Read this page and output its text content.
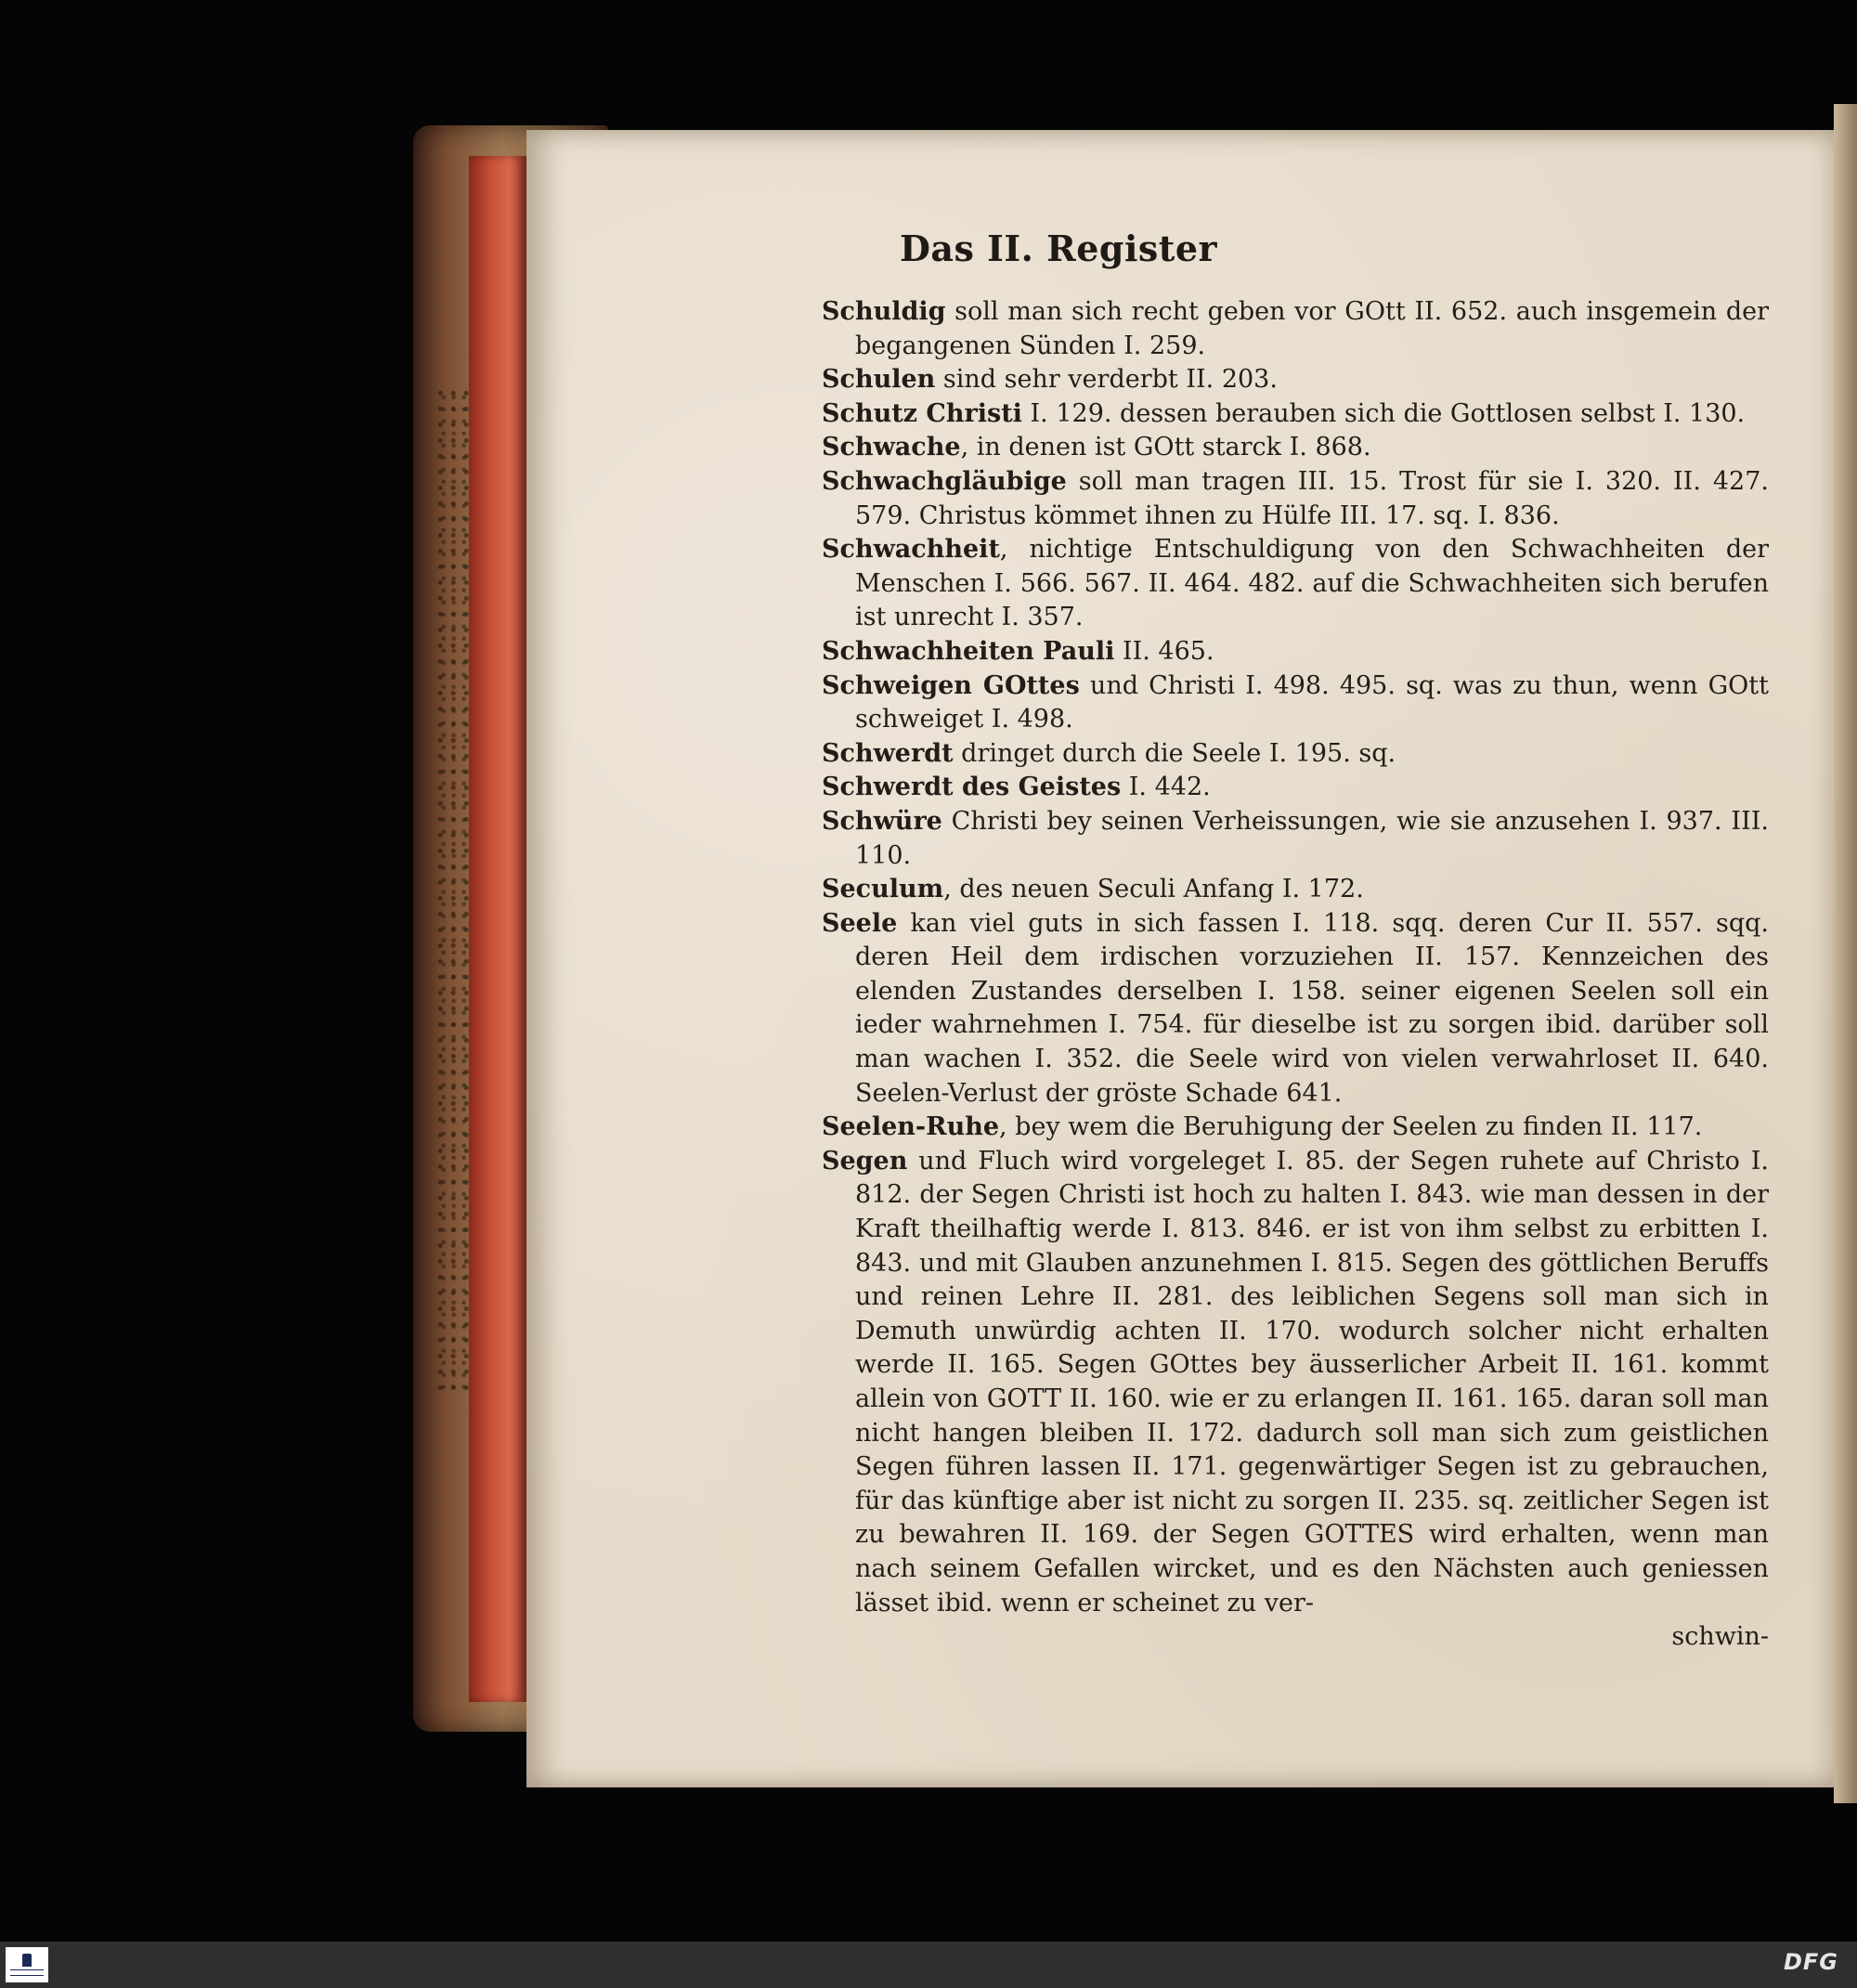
Das II. Register

Schuldig soll man sich recht geben vor GOtt II. 652. auch insgemein der begangenen Sünden I. 259.

Schulen sind sehr verderbt II. 203.

Schutz Christi I. 129. dessen berauben sich die Gottlosen selbst I. 130.

Schwache, in denen ist GOtt starck I. 868.

Schwachgläubige soll man tragen III. 15. Trost für sie I. 320. II. 427. 579. Christus kömmet ihnen zu Hülfe III. 17. sq. I. 836.

Schwachheit, nichtige Entschuldigung von den Schwachheiten der Menschen I. 566. 567. II. 464. 482. auf die Schwachheiten sich berufen ist unrecht I. 357.

Schwachheiten Pauli II. 465.

Schweigen GOttes und Christi I. 498. 495. sq. was zu thun, wenn GOtt schweiget I. 498.

Schwerdt dringet durch die Seele I. 195. sq.

Schwerdt des Geistes I. 442.

Schwüre Christi bey seinen Verheissungen, wie sie anzusehen I. 937. III. 110.

Seculum, des neuen Seculi Anfang I. 172.

Seele kan viel guts in sich fassen I. 118. sqq. deren Cur II. 557. sqq. deren Heil dem irdischen vorzuziehen II. 157. Kennzeichen des elenden Zustandes derselben I. 158. seiner eigenen Seelen soll ein ieder wahrnehmen I. 754. für dieselbe ist zu sorgen ibid. darüber soll man wachen I. 352. die Seele wird von vielen verwahrloset II. 640. Seelen-Verlust der gröste Schade 641.

Seelen-Ruhe, bey wem die Beruhigung der Seelen zu finden II. 117.

Segen und Fluch wird vorgeleget I. 85. der Segen ruhete auf Christo I. 812. der Segen Christi ist hoch zu halten I. 843. wie man dessen in der Kraft theilhaftig werde I. 813. 846. er ist von ihm selbst zu erbitten I. 843. und mit Glauben anzunehmen I. 815. Segen des göttlichen Beruffs und reinen Lehre II. 281. des leiblichen Segens soll man sich in Demuth unwürdig achten II. 170. wodurch solcher nicht erhalten werde II. 165. Segen GOttes bey äusserlicher Arbeit II. 161. kommt allein von GOTT II. 160. wie er zu erlangen II. 161. 165. daran soll man nicht hangen bleiben II. 172. dadurch soll man sich zum geistlichen Segen führen lassen II. 171. gegenwärtiger Segen ist zu gebrauchen, für das künftige aber ist nicht zu sorgen II. 235. sq. zeitlicher Segen ist zu bewahren II. 169. der Segen GOTTES wird erhalten, wenn man nach seinem Gefallen wircket, und es den Nächsten auch geniessen lässet ibid. wenn er scheinet zu ver-

schwin-
DFG
